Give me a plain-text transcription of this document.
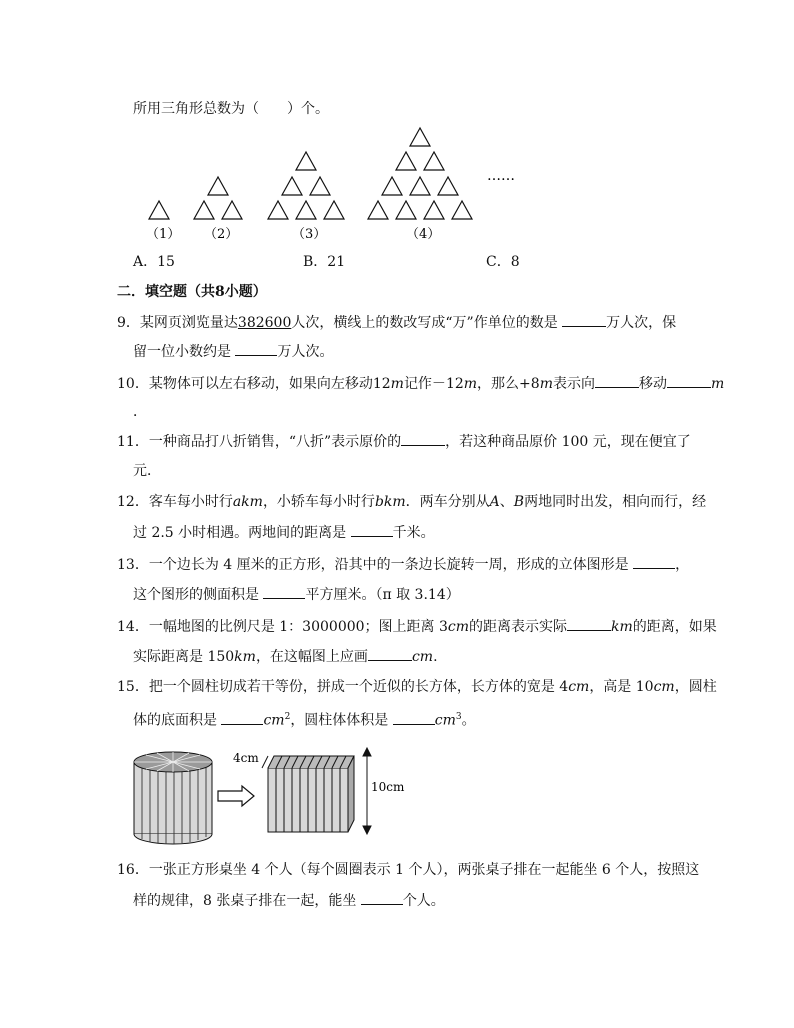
所用三角形总数为（　　）个。
（1） （2）	（3）	（4）
……
A．15	B．21	C．8
二．填空题（共8小题）
9．某网页浏览量达382600人次，横线上的数改写成“万”作单位的数是	万人次，保
留一位小数约是	万人次。
10．某物体可以左右移动，如果向左移动12m记作－12m，那么+8m表示向	移动	m
．
11．一种商品打八折销售，“八折”表示原价的	，若这种商品原价 100 元，现在便宜了
元．
12．客车每小时行akm，小轿车每小时行bkm．两车分别从A、B两地同时出发，相向而行，经
过 2.5 小时相遇。两地间的距离是	千米。
13．一个边长为 4 厘米的正方形，沿其中的一条边长旋转一周，形成的立体图形是	，
这个图形的侧面积是	平方厘米。（π 取 3.14）
14．一幅地图的比例尺是 1：3000000；图上距离 3cm的距离表示实际	km的距离，如果
实际距离是 150km，在这幅图上应画	cm.
15．把一个圆柱切成若干等份，拼成一个近似的长方体，长方体的宽是 4cm，高是 10cm，圆柱
体的底面积是	$cm^2$，圆柱体体积是	$cm^3$。
4cm
10cm
16．一张正方形桌坐 4 个人（每个圆圈表示 1 个人），两张桌子排在一起能坐 6 个人，按照这
样的规律，8 张桌子排在一起，能坐	个人。
